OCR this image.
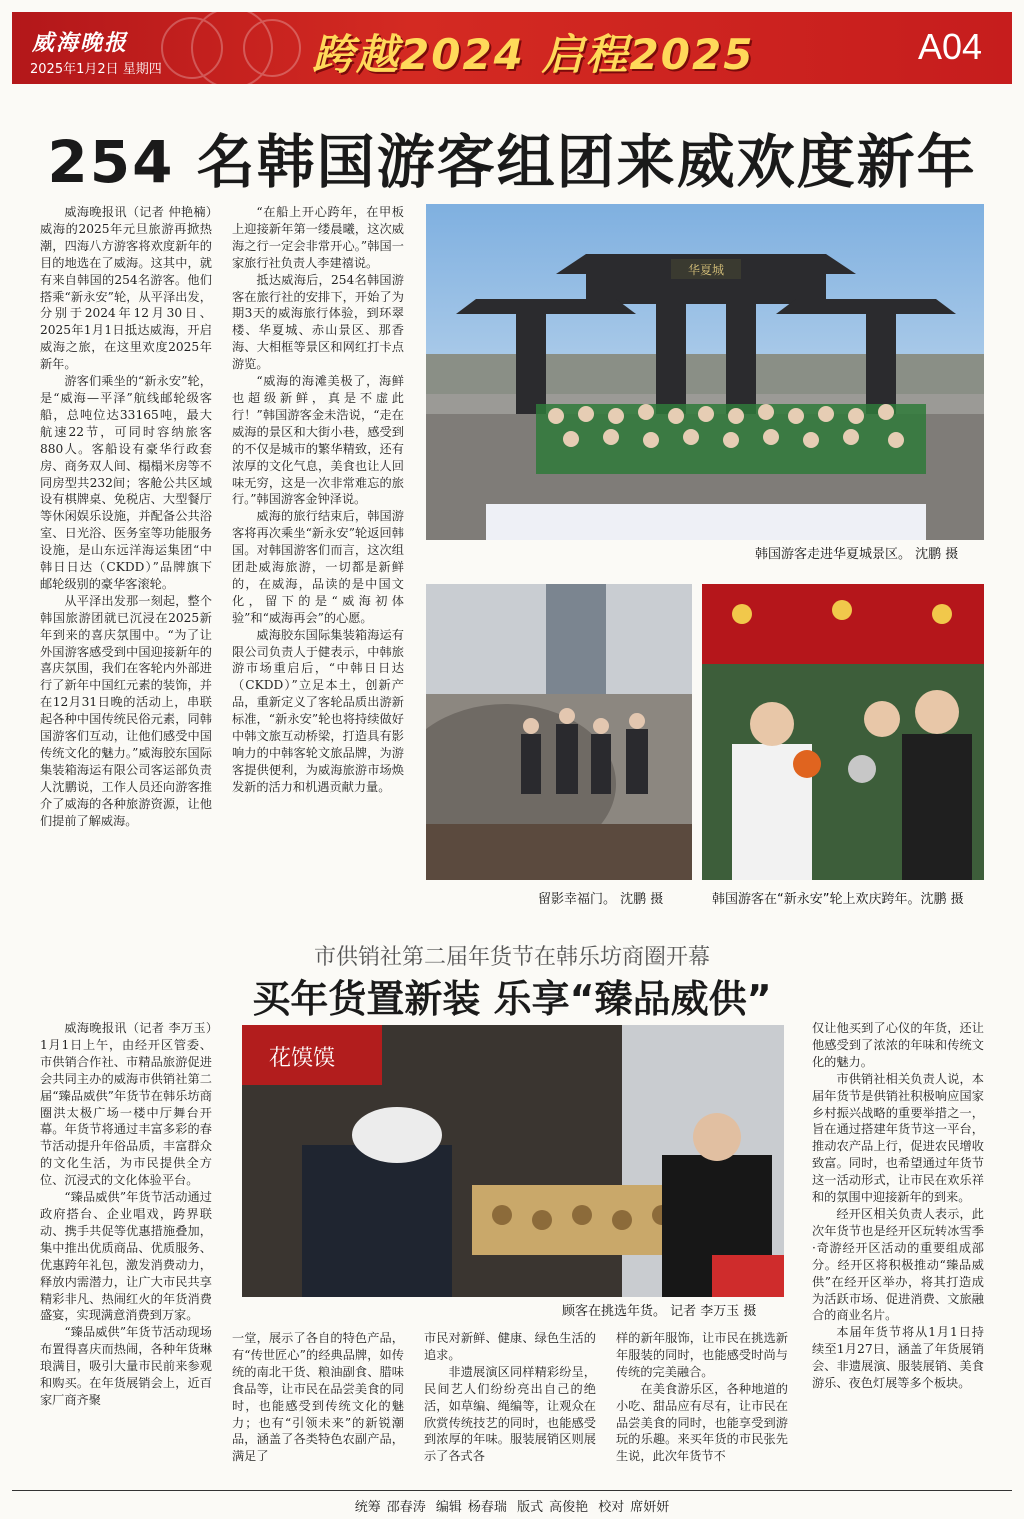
威海晚报
2025年1月2日 星期四	跨越2024 启程2025	A04
254 名韩国游客组团来威欢度新年

威海晚报讯（记者 仲艳楠）威海的2025年元旦旅游再掀热潮，四海八方游客将欢度新年的目的地选在了威海。这其中，就有来自韩国的254名游客。他们搭乘“新永安”轮，从平泽出发，分别于2024年12月30日、2025年1月1日抵达威海，开启威海之旅，在这里欢度2025年新年。

游客们乘坐的“新永安”轮，是“威海—平泽”航线邮轮级客船，总吨位达33165吨，最大航速22节，可同时容纳旅客880人。客船设有豪华行政套房、商务双人间、榻榻米房等不同房型共232间；客舱公共区域设有棋牌桌、免税店、大型餐厅等休闲娱乐设施，并配备公共浴室、日光浴、医务室等功能服务设施，是山东远洋海运集团“中韩日日达（CKDD）”品牌旗下邮轮级别的豪华客滚轮。

从平泽出发那一刻起，整个韩国旅游团就已沉浸在2025新年到来的喜庆氛围中。“为了让外国游客感受到中国迎接新年的喜庆氛围，我们在客轮内外部进行了新年中国红元素的装饰，并在12月31日晚的活动上，串联起各种中国传统民俗元素，同韩国游客们互动，让他们感受中国传统文化的魅力。”威海胶东国际集装箱海运有限公司客运部负责人沈鹏说，工作人员还向游客推介了威海的各种旅游资源，让他们提前了解威海。

“在船上开心跨年，在甲板上迎接新年第一缕晨曦，这次威海之行一定会非常开心。”韩国一家旅行社负责人李建禧说。

抵达威海后，254名韩国游客在旅行社的安排下，开始了为期3天的威海旅行体验，到环翠楼、华夏城、赤山景区、那香海、大相框等景区和网红打卡点游览。

“威海的海滩美极了，海鲜也超级新鲜，真是不虚此行！”韩国游客金未浩说，“走在威海的景区和大街小巷，感受到的不仅是城市的繁华精致，还有浓厚的文化气息，美食也让人回味无穷，这是一次非常难忘的旅行。”韩国游客金钟泽说。

威海的旅行结束后，韩国游客将再次乘坐“新永安”轮返回韩国。对韩国游客们而言，这次组团赴威海旅游，一切都是新鲜的，在威海，品读的是中国文化，留下的是“威海初体验”和“威海再会”的心愿。

威海胶东国际集装箱海运有限公司负责人于健表示，中韩旅游市场重启后，“中韩日日达（CKDD）”立足本土，创新产品，重新定义了客轮品质出游新标准，“新永安”轮也将持续做好中韩文旅互动桥梁，打造具有影响力的中韩客轮文旅品牌，为游客提供便利，为威海旅游市场焕发新的活力和机遇贡献力量。

华夏城
韩国游客走进华夏城景区。 沈鹏 摄
留影幸福门。 沈鹏 摄	韩国游客在“新永安”轮上欢庆跨年。沈鹏 摄
市供销社第二届年货节在韩乐坊商圈开幕
买年货置新装 乐享“臻品威供”

威海晚报讯（记者 李万玉）1月1日上午，由经开区管委、市供销合作社、市精品旅游促进会共同主办的威海市供销社第二届“臻品威供”年货节在韩乐坊商圈洪太极广场一楼中厅舞台开幕。年货节将通过丰富多彩的春节活动提升年俗品质，丰富群众的文化生活，为市民提供全方位、沉浸式的文化体验平台。

“臻品威供”年货节活动通过政府搭台、企业唱戏，跨界联动、携手共促等优惠措施叠加，集中推出优质商品、优质服务、优惠跨年礼包，激发消费动力，释放内需潜力，让广大市民共享精彩非凡、热闹红火的年货消费盛宴，实现满意消费到万家。

“臻品威供”年货节活动现场布置得喜庆而热闹，各种年货琳琅满目，吸引大量市民前来参观和购买。在年货展销会上，近百家厂商齐聚

花馍馍
顾客在挑选年货。 记者 李万玉 摄

一堂，展示了各自的特色产品，有“传世匠心”的经典品牌，如传统的南北干货、粮油副食、腊味食品等，让市民在品尝美食的同时，也能感受到传统文化的魅力；也有“引领未来”的新锐潮品，涵盖了各类特色农副产品，满足了

市民对新鲜、健康、绿色生活的追求。

非遗展演区同样精彩纷呈，民间艺人们纷纷亮出自己的绝活，如草编、绳编等，让观众在欣赏传统技艺的同时，也能感受到浓厚的年味。服装展销区则展示了各式各

样的新年服饰，让市民在挑选新年服装的同时，也能感受时尚与传统的完美融合。

在美食游乐区，各种地道的小吃、甜品应有尽有，让市民在品尝美食的同时，也能享受到游玩的乐趣。来买年货的市民张先生说，此次年货节不

仅让他买到了心仪的年货，还让他感受到了浓浓的年味和传统文化的魅力。

市供销社相关负责人说，本届年货节是供销社积极响应国家乡村振兴战略的重要举措之一，旨在通过搭建年货节这一平台，推动农产品上行，促进农民增收致富。同时，也希望通过年货节这一活动形式，让市民在欢乐祥和的氛围中迎接新年的到来。

经开区相关负责人表示，此次年货节也是经开区玩转冰雪季·奇游经开区活动的重要组成部分。经开区将积极推动“臻品威供”在经开区举办，将其打造成为活跃市场、促进消费、文旅融合的商业名片。

本届年货节将从1月1日持续至1月27日，涵盖了年货展销会、非遗展演、服装展销、美食游乐、夜色灯展等多个板块。

统筹 邵春涛 编辑 杨春瑞 版式 高俊艳 校对 席妍妍
